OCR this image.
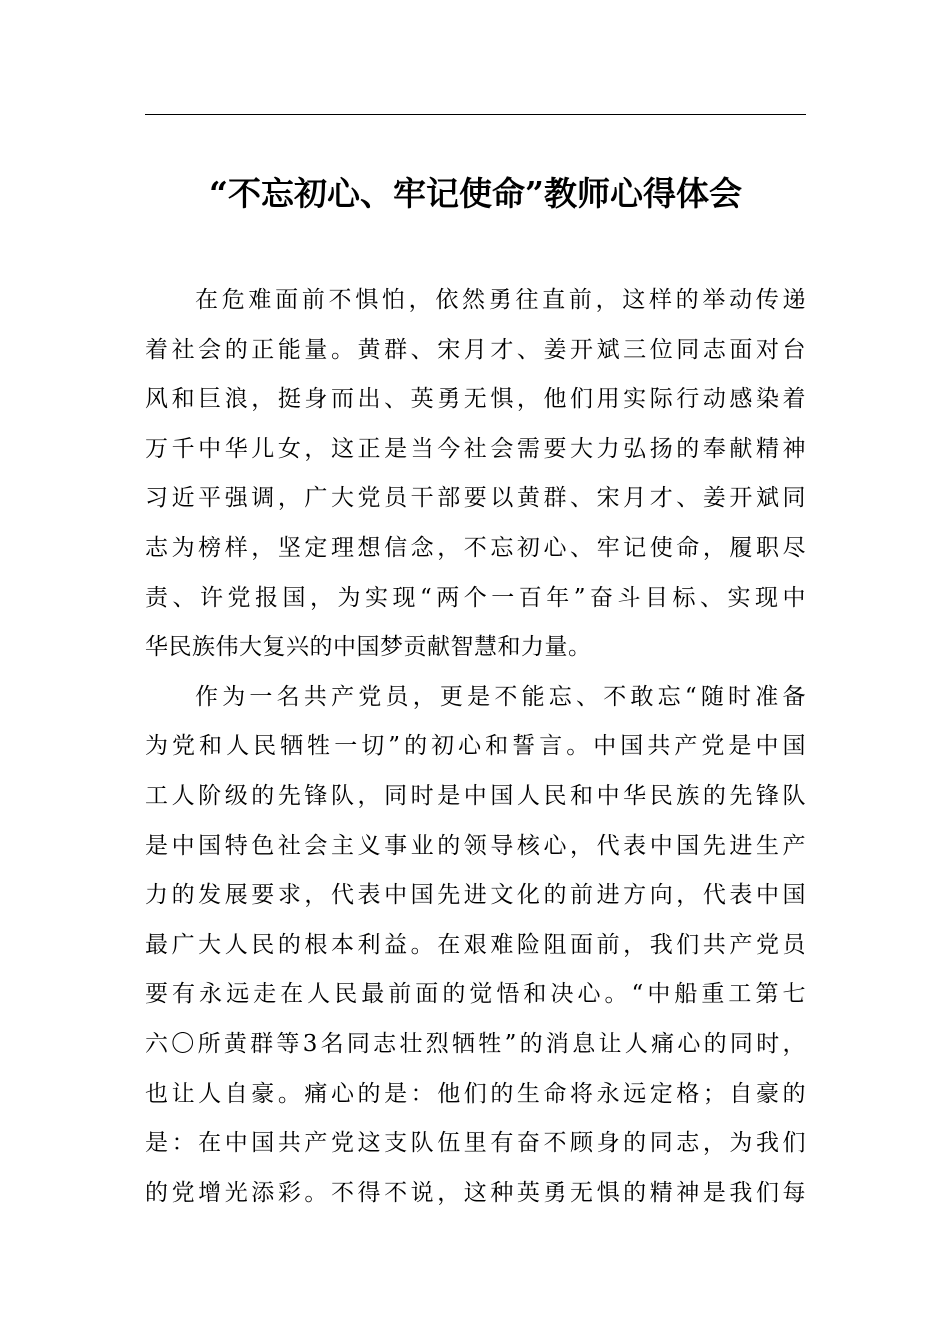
“不忘初心、牢记使命”教师心得体会
在危难面前不惧怕，依然勇往直前，这样的举动传递
着社会的正能量。黄群、宋月才、姜开斌三位同志面对台
风和巨浪，挺身而出、英勇无惧，他们用实际行动感染着
万千中华儿女，这正是当今社会需要大力弘扬的奉献精神
习近平强调，广大党员干部要以黄群、宋月才、姜开斌同
志为榜样，坚定理想信念，不忘初心、牢记使命，履职尽
责、许党报国，为实现“两个一百年”奋斗目标、实现中
华民族伟大复兴的中国梦贡献智慧和力量。
作为一名共产党员，更是不能忘、不敢忘“随时准备
为党和人民牺牲一切”的初心和誓言。中国共产党是中国
工人阶级的先锋队，同时是中国人民和中华民族的先锋队
是中国特色社会主义事业的领导核心，代表中国先进生产
力的发展要求，代表中国先进文化的前进方向，代表中国
最广大人民的根本利益。在艰难险阻面前，我们共产党员
要有永远走在人民最前面的觉悟和决心。“中船重工第七
六〇所黄群等3名同志壮烈牺牲”的消息让人痛心的同时，
也让人自豪。痛心的是：他们的生命将永远定格；自豪的
是：在中国共产党这支队伍里有奋不顾身的同志，为我们
的党增光添彩。不得不说，这种英勇无惧的精神是我们每
